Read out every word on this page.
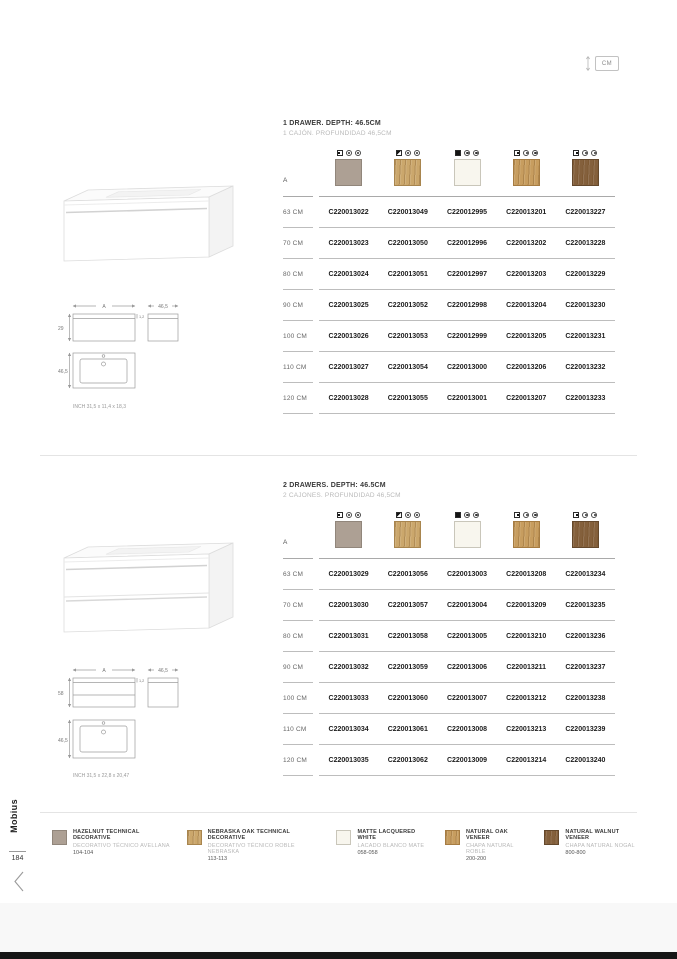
CM
1 DRAWER. DEPTH: 46.5CM
1 CAJÓN. PROFUNDIDAD 46,5CM
A	46,5
29
1,2
46,5
INCH 31,5 x 11,4 x 18,3
A
63 CM	C220013022	C220013049	C220012995	C220013201	C220013227
70 CM	C220013023	C220013050	C220012996	C220013202	C220013228
80 CM	C220013024	C220013051	C220012997	C220013203	C220013229
90 CM	C220013025	C220013052	C220012998	C220013204	C220013230
100 CM	C220013026	C220013053	C220012999	C220013205	C220013231
110 CM	C220013027	C220013054	C220013000	C220013206	C220013232
120 CM	C220013028	C220013055	C220013001	C220013207	C220013233
2 DRAWERS. DEPTH: 46.5CM
2 CAJONES. PROFUNDIDAD 46,5CM
A	46,5
58
1,2
46,5
INCH 31,5 x 22,8 x 20,47
A
63 CM	C220013029	C220013056	C220013003	C220013208	C220013234
70 CM	C220013030	C220013057	C220013004	C220013209	C220013235
80 CM	C220013031	C220013058	C220013005	C220013210	C220013236
90 CM	C220013032	C220013059	C220013006	C220013211	C220013237
100 CM	C220013033	C220013060	C220013007	C220013212	C220013238
110 CM	C220013034	C220013061	C220013008	C220013213	C220013239
120 CM	C220013035	C220013062	C220013009	C220013214	C220013240
HAZELNUT TECHNICAL DECORATIVE
DECORATIVO TÉCNICO AVELLANA
104-104
NEBRASKA OAK TECHNICAL DECORATIVE
DECORATIVO TÉCNICO ROBLE NEBRASKA
113-113
MATTE LACQUERED WHITE
LACADO BLANCO MATE
058-058
NATURAL OAK VENEER
CHAPA NATURAL ROBLE
200-200
NATURAL WALNUT VENEER
CHAPA NATURAL NOGAL
800-800
Mobius
184
